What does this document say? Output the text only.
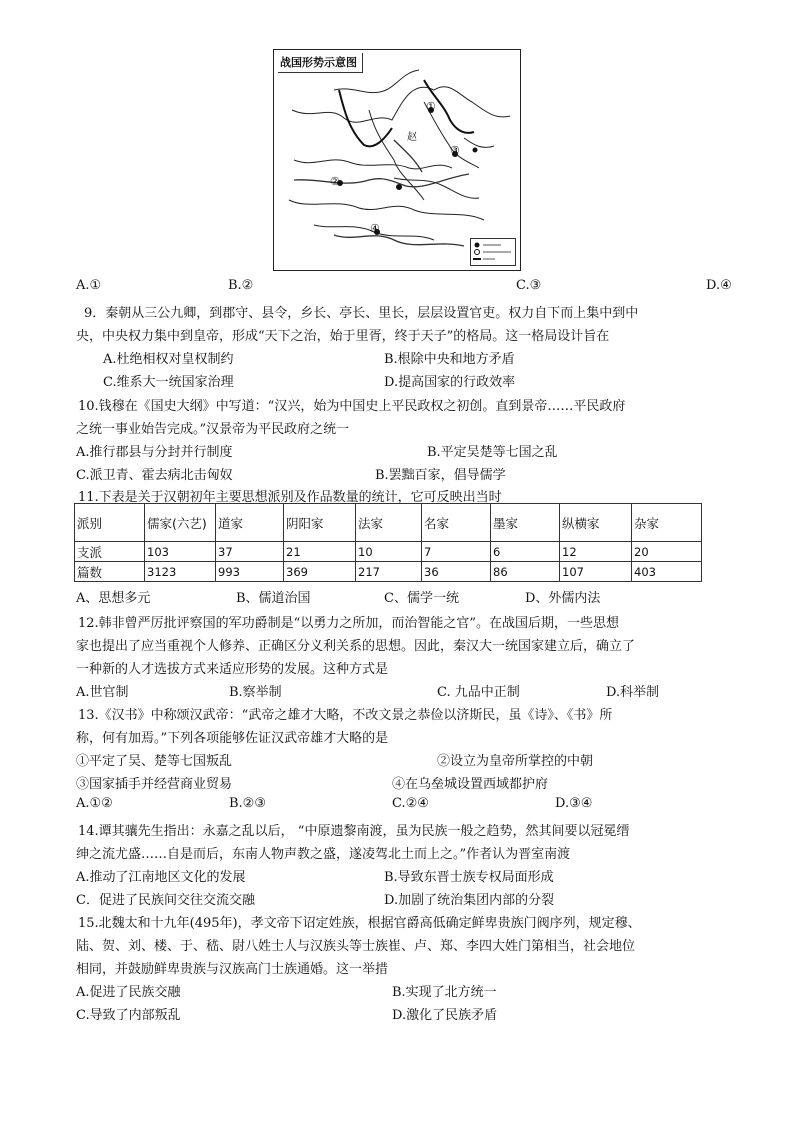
战国形势示意图
赵
①
②
③
④
A.①	B.②	C.③	D.④
9．秦朝从三公九卿，到郡守、县令，乡长、亭长、里长，层层设置官吏。权力自下而上集中到中
央，中央权力集中到皇帝，形成“天下之治，始于里胥，终于天子”的格局。这一格局设计旨在
A.杜绝相权对皇权制约	B.根除中央和地方矛盾
C.维系大一统国家治理	D.提高国家的行政效率
10.钱穆在《国史大纲》中写道：“汉兴，始为中国史上平民政权之初创。直到景帝……平民政府
之统一事业始告完成。”汉景帝为平民政府之统一
A.推行郡县与分封并行制度	B.平定吴楚等七国之乱
C.派卫青、霍去病北击匈奴	B.罢黜百家，倡导儒学
11.下表是关于汉朝初年主要思想派别及作品数量的统计，它可反映出当时
派别	儒家(六艺)	道家	阴阳家	法家	名家	墨家	纵横家	杂家
支派	103	37	21	10	7	6	12	20
篇数	3123	993	369	217	36	86	107	403
A、思想多元	B、儒道治国	C、儒学一统	D、外儒内法
12.韩非曾严厉批评察国的军功爵制是“以勇力之所加，而治智能之官”。在战国后期，一些思想
家也提出了应当重视个人修养、正确区分义利关系的思想。因此，秦汉大一统国家建立后，确立了
一种新的人才选拔方式来适应形势的发展。这种方式是
A.世官制	B.察举制	C. 九品中正制	D.科举制
13.《汉书》中称颂汉武帝：“武帝之雄才大略，不改文景之恭俭以济斯民，虽《诗》、《书》所
称，何有加焉。”下列各项能够佐证汉武帝雄才大略的是
①平定了吴、楚等七国叛乱	②设立为皇帝所掌控的中朝
③国家插手并经营商业贸易	④在乌垒城设置西域都护府
A.①②	B.②③	C.②④	D.③④
14.谭其骧先生指出：永嘉之乱以后， “中原遗黎南渡，虽为民族一般之趋势，然其间要以冠冕缙
绅之流尤盛……自是而后，东南人物声教之盛，遂凌驾北土而上之。”作者认为晋室南渡
A.推动了江南地区文化的发展	B.导致东晋士族专权局面形成
C．促进了民族间交往交流交融	D.加剧了统治集团内部的分裂
15.北魏太和十九年(495年)，孝文帝下诏定姓族，根据官爵高低确定鲜卑贵族门阀序列，规定穆、
陆、贺、刘、楼、于、嵇、尉八姓士人与汉族头等士族崔、卢、郑、李四大姓门第相当，社会地位
相同，并鼓励鲜卑贵族与汉族高门士族通婚。这一举措
A.促进了民族交融	B.实现了北方统一
C.导致了内部叛乱	D.激化了民族矛盾
